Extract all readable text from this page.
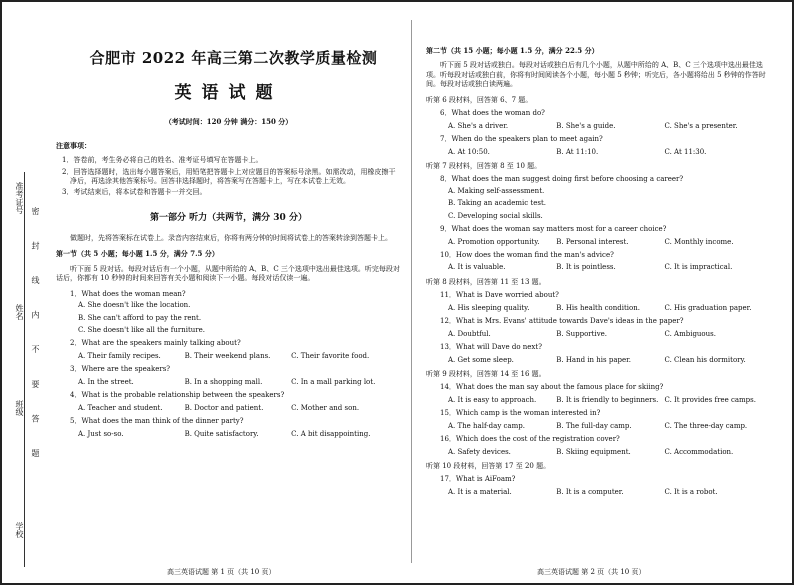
准考证号
姓名
班级
学校
密 封 线 内 不 要 答 题
合肥市 2022 年高三第二次教学质量检测
英语试题
（考试时间：120 分钟 满分：150 分）
注意事项：
1．答卷前，考生务必将自己的姓名、准考证号填写在答题卡上。
2．回答选择题时，选出每小题答案后，用铅笔把答题卡上对应题目的答案标号涂黑。如需改动，用橡皮擦干净后，再选涂其他答案标号。回答非选择题时，将答案写在答题卡上，写在本试卷上无效。
3．考试结束后，将本试卷和答题卡一并交回。
第一部分 听力（共两节，满分 30 分）
做题时，先将答案标在试卷上。录音内容结束后，你将有两分钟的时间将试卷上的答案转涂到答题卡上。
第一节（共 5 小题；每小题 1.5 分，满分 7.5 分）
听下面 5 段对话。每段对话后有一个小题，从题中所给的 A、B、C 三个选项中选出最佳选项。听完每段对话后，你都有 10 秒钟的时间来回答有关小题和阅读下一小题。每段对话仅读一遍。
1．What does the woman mean?
A. She doesn't like the location.
B. She can't afford to pay the rent.
C. She doesn't like all the furniture.
2．What are the speakers mainly talking about?
A. Their family recipes.	B. Their weekend plans.	C. Their favorite food.
3．Where are the speakers?
A. In the street.	B. In a shopping mall.	C. In a mall parking lot.
4．What is the probable relationship between the speakers?
A. Teacher and student.	B. Doctor and patient.	C. Mother and son.
5．What does the man think of the dinner party?
A. Just so-so.	B. Quite satisfactory.	C. A bit disappointing.
第二节（共 15 小题；每小题 1.5 分，满分 22.5 分）
听下面 5 段对话或独白。每段对话或独白后有几个小题，从题中所给的 A、B、C 三个选项中选出最佳选项。听每段对话或独白前，你将有时间阅读各个小题，每小题 5 秒钟；听完后，各小题将给出 5 秒钟的作答时间。每段对话或独白读两遍。
听第 6 段材料，回答第 6、7 题。
6．What does the woman do?
A. She's a driver.	B. She's a guide.	C. She's a presenter.
7．When do the speakers plan to meet again?
A. At 10:50.	B. At 11:10.	C. At 11:30.
听第 7 段材料，回答第 8 至 10 题。
8．What does the man suggest doing first before choosing a career?
A. Making self-assessment.
B. Taking an academic test.
C. Developing social skills.
9．What does the woman say matters most for a career choice?
A. Promotion opportunity.	B. Personal interest.	C. Monthly income.
10．How does the woman find the man's advice?
A. It is valuable.	B. It is pointless.	C. It is impractical.
听第 8 段材料，回答第 11 至 13 题。
11．What is Dave worried about?
A. His sleeping quality.	B. His health condition.	C. His graduation paper.
12．What is Mrs. Evans' attitude towards Dave's ideas in the paper?
A. Doubtful.	B. Supportive.	C. Ambiguous.
13．What will Dave do next?
A. Get some sleep.	B. Hand in his paper.	C. Clean his dormitory.
听第 9 段材料，回答第 14 至 16 题。
14．What does the man say about the famous place for skiing?
A. It is easy to approach.	B. It is friendly to beginners. C. It provides free camps.
15．Which camp is the woman interested in?
A. The half-day camp.	B. The full-day camp.	C. The three-day camp.
16．Which does the cost of the registration cover?
A. Safety devices.	B. Skiing equipment.	C. Accommodation.
听第 10 段材料，回答第 17 至 20 题。
17．What is AiFoam?
A. It is a material.	B. It is a computer.	C. It is a robot.
高三英语试题 第 1 页（共 10 页）	高三英语试题 第 2 页（共 10 页）
